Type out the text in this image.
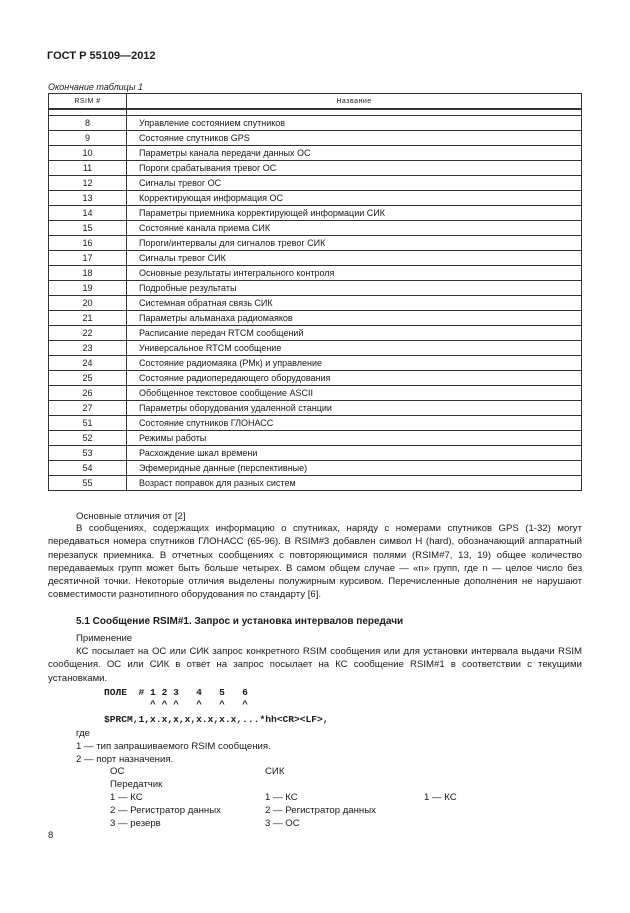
ГОСТ Р 55109—2012
Окончание таблицы 1
RSIM #	Название

8	Управление состоянием спутников
9	Состояние спутников GPS
10	Параметры канала передачи данных ОС
11	Пороги срабатывания тревог ОС
12	Сигналы тревог ОС
13	Корректирующая информация ОС
14	Параметры приемника корректирующей информации СИК
15	Состояние канала приема СИК
16	Пороги/интервалы для сигналов тревог СИК
17	Сигналы тревог СИК
18	Основные результаты интегрального контроля
19	Подробные результаты
20	Системная обратная связь СИК
21	Параметры альманаха радиомаяков
22	Расписание передач RTCM сообщений
23	Универсальное RTCM сообщение
24	Состояние радиомаяка (РМк) и управление
25	Состояние радиопередающего оборудования
26	Обобщенное текстовое сообщение ASCII
27	Параметры оборудования удаленной станции
51	Состояние спутников ГЛОНАСС
52	Режимы работы
53	Расхождение шкал времени
54	Эфемеридные данные (перспективные)
55	Возраст поправок для разных систем
Основные отличия от [2]
В сообщениях, содержащих информацию о спутниках, наряду с номерами спутников GPS (1-32) могут передаваться номера спутников ГЛОНАСС (65-96). В RSIM#3 добавлен символ H (hard), обозначающий аппаратный перезапуск приемника. В отчетных сообщениях с повторяющимися полями (RSIM#7, 13, 19) общее количество передаваемых групп может быть больше четырех. В самом общем случае — «n» групп, где n — целое число без десятичной точки. Некоторые отличия выделены полужирным курсивом. Перечисленные дополнения не нарушают совместимости разнотипного оборудования по стандарту [6].
5.1 Сообщение RSIM#1. Запрос и установка интервалов передачи
Применение
КС посылает на ОС или СИК запрос конкретного RSIM сообщения или для установки интервала выдачи RSIM сообщения. ОС или СИК в ответ на запрос посылает на КС сообщение RSIM#1 в соответствии с текущими установками.
ПОЛЕ  # 1 2 3   4   5   6
^ ^ ^   ^   ^   ^
$PRCM,1,x.x,x,x,x.x,x.x,...*hh<CR><LF>,
где
1 — тип запрашиваемого RSIM сообщения.
2 — порт назначения.
ОС	СИК
Передатчик
1 — КС	1 — КС	1 — КС
2 — Регистратор данных	2 — Регистратор данных
3 — резерв	3 — ОС
8
